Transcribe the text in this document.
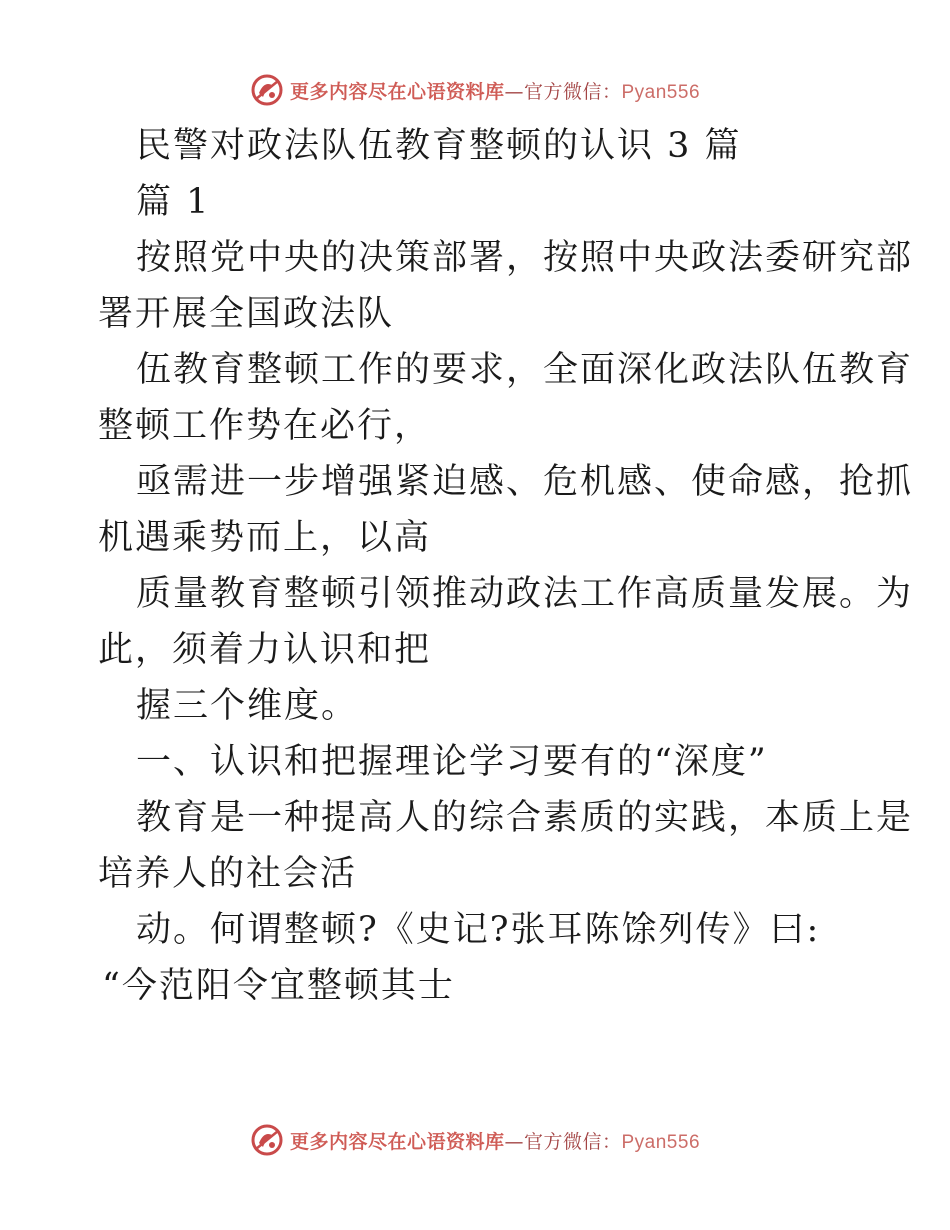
更多内容尽在心语资料库—官方微信：Pyan556
民警对政法队伍教育整顿的认识 3 篇
篇 1
按照党中央的决策部署，按照中央政法委研究部
署开展全国政法队
伍教育整顿工作的要求，全面深化政法队伍教育
整顿工作势在必行，
亟需进一步增强紧迫感、危机感、使命感，抢抓
机遇乘势而上，以高
质量教育整顿引领推动政法工作高质量发展。为
此，须着力认识和把
握三个维度。
一、认识和把握理论学习要有的“深度”
教育是一种提高人的综合素质的实践，本质上是
培养人的社会活
动。何谓整顿?《史记?张耳陈馀列传》曰:
“今范阳令宜整顿其士
更多内容尽在心语资料库—官方微信：Pyan556
